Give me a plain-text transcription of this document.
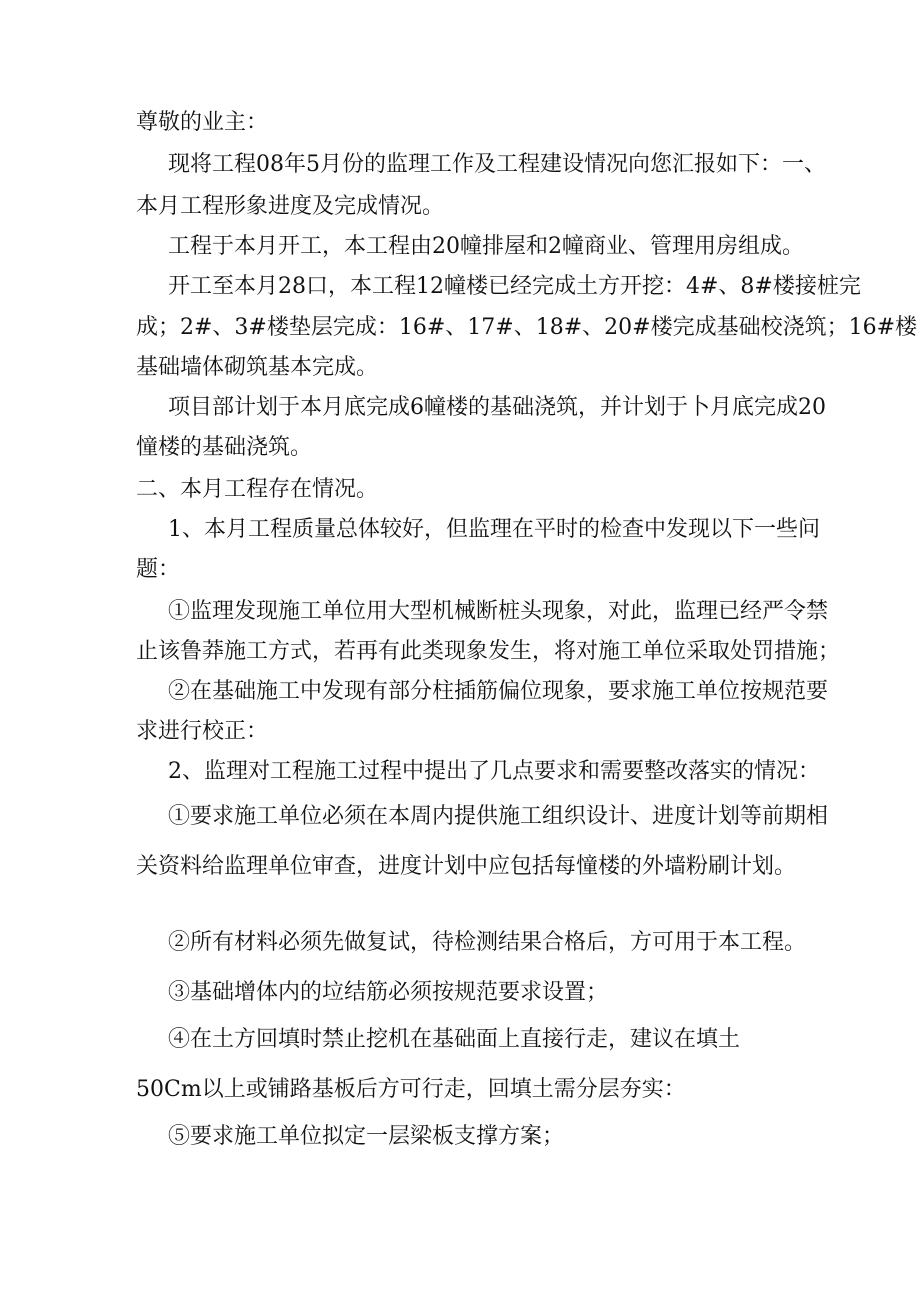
尊敬的业主：
现将工程08年5月份的监理工作及工程建设情况向您汇报如下：一、
本月工程形象进度及完成情况。
工程于本月开工，本工程由20幢排屋和2幢商业、管理用房组成。
开工至本月28口，本工程12幢楼已经完成土方开挖：4#、8#楼接桩完
成；2#、3#楼垫层完成：16#、17#、18#、20#楼完成基础校浇筑；16#楼
基础墙体砌筑基本完成。
项目部计划于本月底完成6幢楼的基础浇筑，并计划于卜月底完成20
憧楼的基础浇筑。
二、本月工程存在情况。
1、本月工程质量总体较好，但监理在平时的检查中发现以下一些问
题：
①监理发现施工单位用大型机械断桩头现象，对此，监理已经严令禁
止该鲁莽施工方式，若再有此类现象发生，将对施工单位采取处罚措施；
②在基础施工中发现有部分柱插筋偏位现象，要求施工单位按规范要
求进行校正：
2、监理对工程施工过程中提出了几点要求和需要整改落实的情况：
①要求施工单位必须在本周内提供施工组织设计、进度计划等前期相
关资料给监理单位审查，进度计划中应包括每憧楼的外墙粉刷计划。
②所有材料必须先做复试，待检测结果合格后，方可用于本工程。
③基础增体内的垃结筋必须按规范要求设置；
④在土方回填时禁止挖机在基础面上直接行走，建议在填土
50Cm以上或铺路基板后方可行走，回填土需分层夯实：
⑤要求施工单位拟定一层梁板支撑方案；
